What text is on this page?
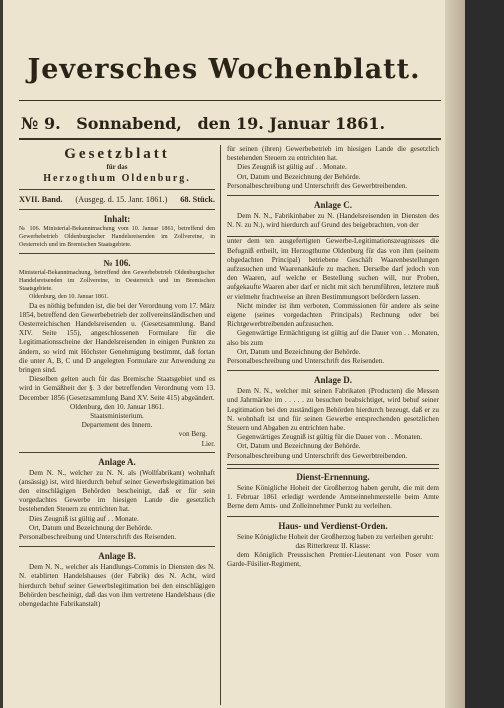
Jeversches Wochenblatt.
№ 9. Sonnabend, den 19. Januar 1861.

Gesetzblatt

für das

Herzogthum Oldenburg.

XVII. Band. (Ausgeg. d. 15. Janr. 1861.) 68. Stück.

Inhalt:

№ 106. Ministerial-Bekanntmachung vom 10. Januar 1861, betreffend den Gewerbebetrieb Oldenburgischer Handelsreisenden im Zollvereine, in Oesterreich und im Bremischen Staatsgebiete.

№ 106.

Ministerial-Bekanntmachung, betreffend den Gewerbebetrieb Oldenburgischer Handelsreisenden im Zollvereine, in Oesterreich und im Bremischen Staatsgebiete.

Oldenburg, den 10. Januar 1861.

Da es nöthig befunden ist, die bei der Verordnung vom 17. März 1854, betreffend den Gewerbebetrieb der zollvereinsländischen und Oesterreichischen Handelsreisenden u. (Gesetzsammlung. Band XIV. Seite 155), angeschlossenen Formulare für die Legitimationsscheine der Handelsreisenden in einigen Punkten zu ändern, so wird mit Höchster Genehmigung bestimmt, daß fortan die unter A, B, C und D angelegten Formulare zur Anwendung zu bringen sind.

Dieselben gelten auch für das Bremische Staatsgebiet und es wird in Gemäßheit der §. 3 der betreffenden Verordnung vom 13. December 1856 (Gesetzsammlung Band XV. Seite 415) abgeändert.

Oldenburg, den 10. Januar 1861.

Staatsministerium.

Departement des Innern.

von Berg.

Lier.

Anlage A.

Dem N. N., welcher zu N. N. als (Wollfabrikant) wohnhaft (ansässig) ist, wird hierdurch behuf seiner Gewerbslegitimation bei den einschlägigen Behörden bescheinigt, daß er für sein vorgedachtes Gewerbe im hiesigen Lande die gesetzlich bestehenden Steuern zu entrichten hat.

Dies Zeugniß ist gültig auf . . Monate.

Ort, Datum und Bezeichnung der Behörde.

Personalbeschreibung und Unterschrift des Reisenden.

Anlage B.

Dem N. N., welcher als Handlungs-Commis in Diensten des N. N. etablirten Handelshauses (der Fabrik) des N. Acht, wird hierdurch behuf seiner Gewerbslegitimation bei den einschlägigen Behörden bescheinigt, daß das von ihm vertretene Handelshaus (die obengedachte Fabrikanstalt)

für seinen (ihren) Gewerbebetrieb im hiesigen Lande die gesetzlich bestehenden Steuern zu entrichten hat.

Dies Zeugniß ist gültig auf . . Monate.

Ort, Datum und Bezeichnung der Behörde.

Personalbeschreibung und Unterschrift des Gewerbtreibenden.

Anlage C.

Dem N. N., Fabrikinhaber zu N. (Handelsreisenden in Diensten des N. N. zu N.), wird hierdurch auf Grund des beigebrachten, von der

unter dem ten ausgefertigten Gewerbe-Legitimationszeugnisses die Befugniß ertheilt, im Herzogthume Oldenburg für das von ihm (seinem obgedachten Principal) betriebene Geschäft Waarenbestellungen aufzusuchen und Waarenankäufe zu machen. Derselbe darf jedoch von den Waaren, auf welche er Bestellung suchen will, nur Proben, aufgekaufte Waaren aber darf er nicht mit sich herumführen, letztere muß er vielmehr frachtweise an ihren Bestimmungsort befördern lassen.

Nicht minder ist ihm verboten, Commissionen für andere als seine eigene (seines vorgedachten Principals) Rechnung oder bei Richtgewerbtreibenden aufzusuchen.

Gegenwärtige Ermächtigung ist gültig auf die Dauer von . . Monaten, also bis zum

Ort, Datum und Bezeichnung der Behörde.

Personalbeschreibung und Unterschrift des Reisenden.

Anlage D.

Dem N. N., welcher mit seinen Fabrikaten (Producten) die Messen und Jahrmärkte im . . . . . zu besuchen beabsichtiget, wird behuf seiner Legitimation bei den zuständigen Behörden hierdurch bezeugt, daß er zu N. wohnhaft ist und für seinen Gewerbe entsprechenden gesetzlichen Steuern und Abgaben zu entrichten habe.

Gegenwärtiges Zeugniß ist gültig für die Dauer von . . Monaten.

Ort, Datum und Bezeichnung der Behörde.

Personalbeschreibung und Unterschrift des Gewerbtreibenden.

Dienst-Ernennung.

Seine Königliche Hoheit der Großherzog haben geruht, die mit dem 1. Februar 1861 erledigt werdende Amtseinnehmerstelle beim Amte Berne dem Amts- und Zolleinnehmer Punkt zu verleihen.

Haus- und Verdienst-Orden.

Seine Königliche Hoheit der Großherzog haben zu verleihen geruht:

das Ritterkreuz II. Klasse:

dem Königlich Preussischen Premier-Lieutenant von Poser vom Garde-Füsilier-Regiment,
